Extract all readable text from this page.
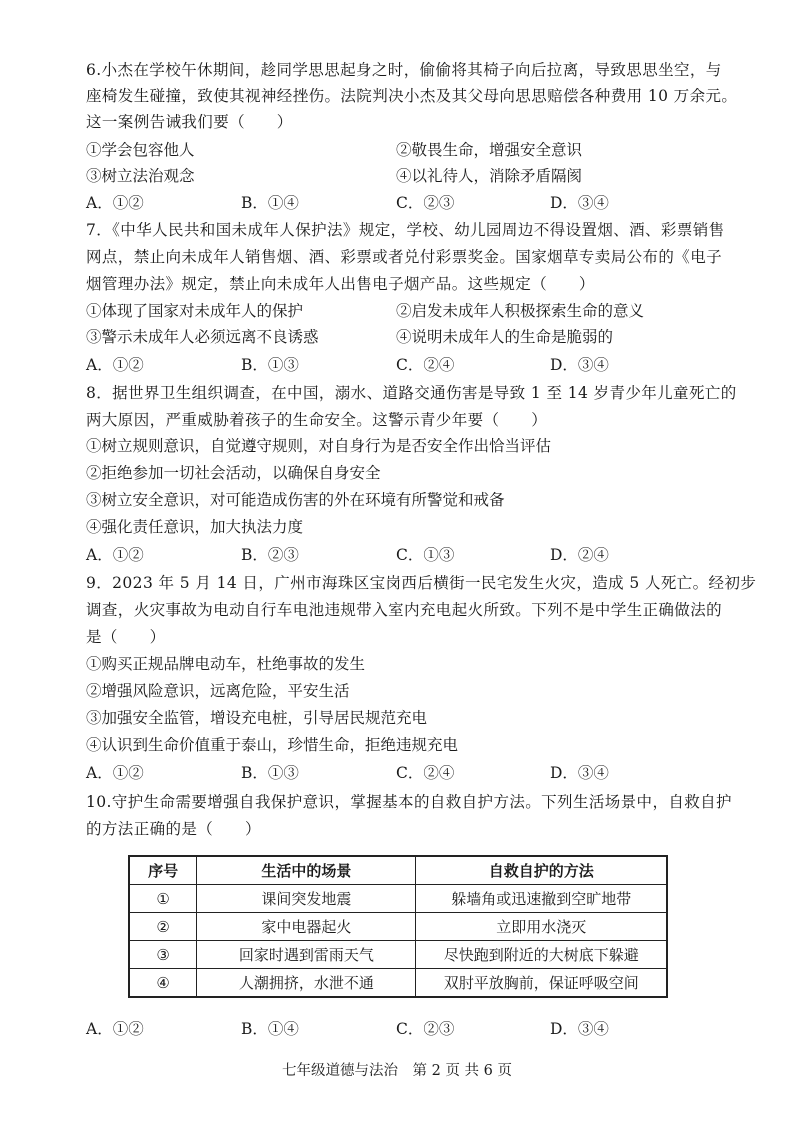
6.小杰在学校午休期间，趁同学思思起身之时，偷偷将其椅子向后拉离，导致思思坐空，与
座椅发生碰撞，致使其视神经挫伤。法院判决小杰及其父母向思思赔偿各种费用 10 万余元。
这一案例告诫我们要（　　）
①学会包容他人	②敬畏生命，增强安全意识
③树立法治观念	④以礼待人，消除矛盾隔阂
A．①②	B．①④	C．②③	D．③④
7．《中华人民共和国未成年人保护法》规定，学校、幼儿园周边不得设置烟、酒、彩票销售
网点，禁止向未成年人销售烟、酒、彩票或者兑付彩票奖金。国家烟草专卖局公布的《电子
烟管理办法》规定，禁止向未成年人出售电子烟产品。这些规定（　　）
①体现了国家对未成年人的保护	②启发未成年人积极探索生命的意义
③警示未成年人必须远离不良诱惑	④说明未成年人的生命是脆弱的
A．①②	B．①③	C．②④	D．③④
8．据世界卫生组织调查，在中国，溺水、道路交通伤害是导致 1 至 14 岁青少年儿童死亡的
两大原因，严重威胁着孩子的生命安全。这警示青少年要（　　）
①树立规则意识，自觉遵守规则，对自身行为是否安全作出恰当评估
②拒绝参加一切社会活动，以确保自身安全
③树立安全意识，对可能造成伤害的外在环境有所警觉和戒备
④强化责任意识，加大执法力度
A．①②	B．②③	C．①③	D．②④
9．2023 年 5 月 14 日，广州市海珠区宝岗西后横街一民宅发生火灾，造成 5 人死亡。经初步
调查，火灾事故为电动自行车电池违规带入室内充电起火所致。下列不是中学生正确做法的
是（　　）
①购买正规品牌电动车，杜绝事故的发生
②增强风险意识，远离危险，平安生活
③加强安全监管，增设充电桩，引导居民规范充电
④认识到生命价值重于泰山，珍惜生命，拒绝违规充电
A．①②	B．①③	C．②④	D．③④
10.守护生命需要增强自我保护意识，掌握基本的自救自护方法。下列生活场景中，自救自护
的方法正确的是（　　）
序号	生活中的场景	自救自护的方法
①	课间突发地震	躲墙角或迅速撤到空旷地带
②	家中电器起火	立即用水浇灭
③	回家时遇到雷雨天气	尽快跑到附近的大树底下躲避
④	人潮拥挤，水泄不通	双肘平放胸前，保证呼吸空间
A．①②	B．①④	C．②③	D．③④
七年级道德与法治　第 2 页 共 6 页
